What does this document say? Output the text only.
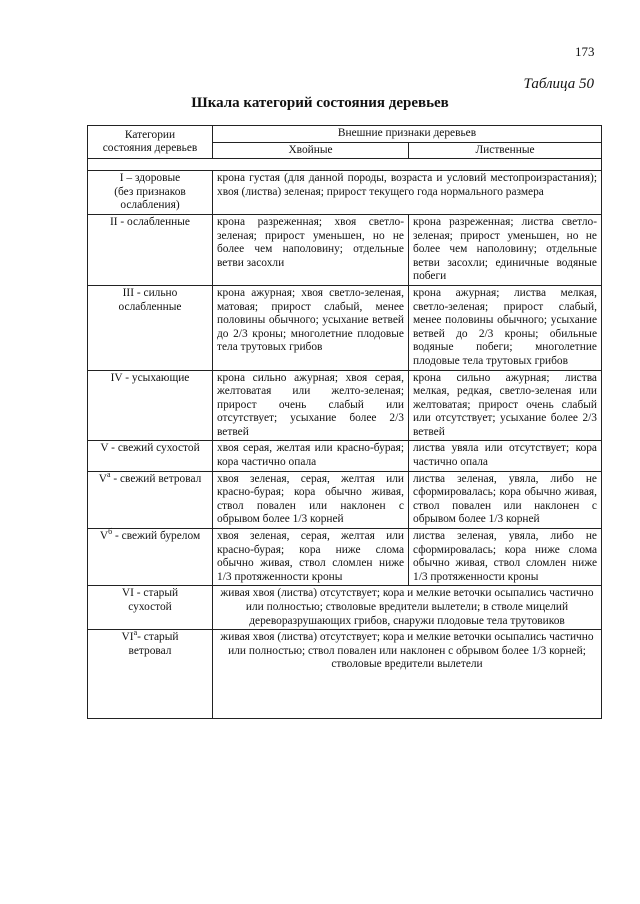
173
Таблица 50
Шкала категорий состояния деревьев
Категории
состояния деревьев	Внешние признаки деревьев	
	Хвойные	Лиственные

I – здоровые
(без признаков
ослабления)	крона густая (для данной породы, возраста и условий местопроизрастания); хвоя (листва) зеленая; прирост текущего года нормального размера	
II - ослабленные	крона разреженная; хвоя светло-зеленая; прирост уменьшен, но не более чем наполовину; отдельные ветви засохли	крона разреженная; листва светло-зеленая; прирост уменьшен, но не более чем наполовину; отдельные ветви засохли; единичные водяные побеги
III - сильно
ослабленные	крона ажурная; хвоя светло-зеленая, матовая; прирост слабый, менее половины обычного; усыхание ветвей до 2/3 кроны; многолетние плодовые тела трутовых грибов	крона ажурная; листва мелкая, светло-зеленая; прирост слабый, менее половины обычного; усыхание ветвей до 2/3 кроны; обильные водяные побеги; многолетние плодовые тела трутовых грибов
IV - усыхающие	крона сильно ажурная; хвоя серая, желтоватая или желто-зеленая; прирост очень слабый или отсутствует; усыхание более 2/3 ветвей	крона сильно ажурная; листва мелкая, редкая, светло-зеленая или желтоватая; прирост очень слабый или отсутствует; усыхание более 2/3 ветвей
V - свежий сухостой	хвоя серая, желтая или красно-бурая; кора частично опала	листва увяла или отсутствует; кора частично опала
$V^а$ - свежий ветровал	хвоя зеленая, серая, желтая или красно-бурая; кора обычно живая, ствол повален или наклонен с обрывом более 1/3 корней	листва зеленая, увяла, либо не сформировалась; кора обычно живая, ствол повален или наклонен с обрывом более 1/3 корней
$V^б$ - свежий бурелом	хвоя зеленая, серая, желтая или красно-бурая; кора ниже слома обычно живая, ствол сломлен ниже 1/3 протяженности кроны	листва зеленая, увяла, либо не сформировалась; кора ниже слома обычно живая, ствол сломлен ниже 1/3 протяженности кроны
VI - старый
сухостой	живая хвоя (листва) отсутствует; кора и мелкие веточки осыпались частично или полностью; стволовые вредители вылетели; в стволе мицелий дереворазрушающих грибов, снаружи плодовые тела трутовиков	
$VI^а-$ старый
ветровал	живая хвоя (листва) отсутствует; кора и мелкие веточки осыпались частично или полностью; ствол повален или наклонен с обрывом более 1/3 корней; стволовые вредители вылетели	
